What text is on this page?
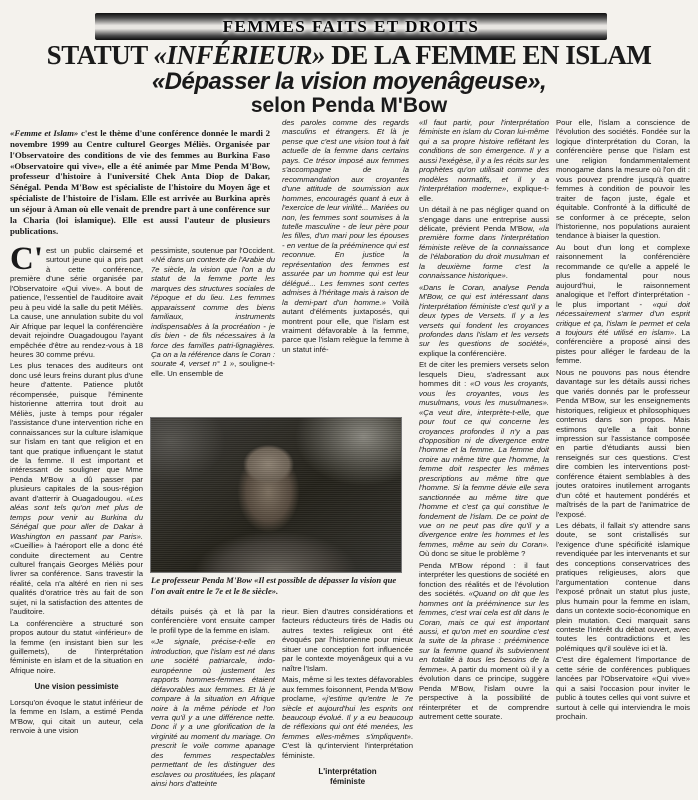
FEMMES FAITS ET DROITS
STATUT «INFÉRIEUR» DE LA FEMME EN ISLAM
«Dépasser la vision moyenâgeuse»,
selon Penda M'Bow

«Femme et Islam» c'est le thème d'une conférence donnée le mardi 2 novembre 1999 au Centre culturel Georges Méliès. Organisée par l'Observatoire des conditions de vie des femmes au Burkina Faso «Observatoire qui vive», elle a été animée par Mme Penda M'Bow, professeur d'histoire à l'université Chek Anta Diop de Dakar, Sénégal. Penda M'Bow est spécialiste de l'histoire du Moyen âge et spécialiste de l'histoire de l'islam. Elle est arrivée au Burkina après un séjour à Aman où elle venait de prendre part à une conférence sur la Charia (loi islamique). Elle est aussi l'auteur de plusieurs publications.

C' est un public clairsemé et surtout jeune qui a pris part à cette conférence, première d'une série organisée par l'Observatoire «Qui vive». A bout de patience, l'essentiel de l'auditoire avait peu à peu vidé la salle du petit Méliès. La cause, une annulation subite du vol Air Afrique par lequel la conférencière devait rejoindre Ouagadougou l'ayant empêchée d'être au rendez-vous à 18 heures 30 comme prévu.

Les plus tenaces des auditeurs ont donc usé leurs freins durant plus d'une heure d'attente. Patience plutôt récompensée, puisque l'éminente historienne atterrira tout droit au Méliès, juste à temps pour régaler l'assistance d'une intervention riche en connaissances sur la culture islamique sur l'islam en tant que religion et en tant que pratique influençant le statut de la femme. Il est important et intéressant de souligner que Mme Penda M'Bow a dû passer par plusieurs capitales de la sous-région avant d'atterrir à Ouagadougou. «Les aléas sont tels qu'on met plus de temps pour venir au Burkina du Sénégal que pour aller de Dakar à Washington en passant par Paris». «Cueillie» à l'aéroport elle a donc été conduite directement au Centre culturel français Georges Méliès pour livrer sa conférence. Sans travestir la réalité, cela n'a altéré en rien ni ses qualités d'oratrice très au fait de son sujet, ni la satisfaction des attentes de l'auditoire.

La conférencière a structuré son propos autour du statut «inférieur» de la femme (en insistant bien sur les guillemets), de l'interprétation féministe en islam et de la situation en Afrique noire.

Une vision pessimiste

Lorsqu'on évoque le statut inférieur de la femme en Islam, a estimé Penda M'Bow, qui citait un auteur, cela renvoie à une vision

pessimiste, soutenue par l'Occident. «Né dans un contexte de l'Arabie du 7e siècle, la vision que l'on a du statut de la femme porte les marques des structures sociales de l'époque et du lieu. Les femmes apparaissent comme des biens familiaux, instruments indispensables à la procréation - je dis bien - de fils nécessaires à la force des familles patri-lignagières. Ça on a la référence dans le Coran : sourate 4, verset n° 1 », souligne-t-elle. Un ensemble de

Le professeur Penda M'Bow «Il est possible de dépasser la vision que l'on avait entre le 7e et le 8e siècle».

détails puisés çà et là par la conférencière vont ensuite camper le profil type de la femme en islam.

«Je signale, précise-t-elle en introduction, que l'islam est né dans une société patriarcale, indo-européenne où justement les rapports hommes-femmes étaient défavorables aux femmes. Et là je compare à la situation en Afrique noire à la même période et l'on verra qu'il y a une différence nette. Donc il y a une glorification de la virginité au moment du mariage. On prescrit le voile comme apanage des femmes respectables permettant de les distinguer des esclaves ou prostituées, les plaçant ainsi hors d'atteinte

des paroles comme des regards masculins et étrangers. Et là je pense que c'est une vision tout à fait actuelle de la femme dans certains pays. Ce trésor imposé aux femmes s'accompagne de la recommandation aux croyantes d'une attitude de soumission aux hommes, encouragés quant à eux à l'exercice de leur virilité... Mariées ou non, les femmes sont soumises à la tutelle masculine - de leur père pour les filles, d'un mari pour les épouses - en vertue de la prééminence qui est reconnue. En justice la représentation des femmes est assurée par un homme qui est leur délégué... Les femmes sont certes admises à l'héritage mais à raison de la demi-part d'un homme.» Voilà autant d'éléments juxtaposés, qui montrent pour elle, que l'islam est vraiment défavorable à la femme, parce que l'islam relègue la femme à un statut infé-

rieur. Bien d'autres considérations et facteurs réducteurs tirés de Hadis ou autres textes religieux ont été évoqués par l'historienne pour mieux situer une conception fort influencée par le contexte moyenâgeux qui a vu naître l'Islam.

Mais, même si les textes défavorables aux femmes foisonnent, Penda M'Bow proclame, «j'estime qu'entre le 7e siècle et aujourd'hui les esprits ont beaucoup évolué. Il y a eu beaucoup de réflexions qui ont été menées, les femmes elles-mêmes s'impliquent». C'est là qu'intervient l'interprétation féministe.

L'interprétation féministe

«Il faut partir, pour l'interprétation féministe en islam du Coran lui-même qui a sa propre histoire reflétant les conditions de son émergence. Il y a aussi l'exégèse, il y a les récits sur les prophètes qu'on utilisait comme des modèles normatifs, et il y a l'interprétation moderne», explique-t-elle.

Un détail à ne pas négliger quand on s'engage dans une entreprise aussi délicate, prévient Penda M'Bow, «la première forme dans l'interprétation féministe relève de la connaissance de l'élaboration du droit musulman et la deuxième forme c'est la connaissance historique».

«Dans le Coran, analyse Penda M'Bow, ce qui est intéressant dans l'interprétation féministe c'est qu'il y a deux types de Versets. Il y a les versets qui fondent les croyances profondes dans l'islam et les versets sur les questions de société», explique la conférencière.

Et de citer les premiers versets selon lesquels Dieu, s'adressant aux hommes dit : «O vous les croyants, vous les croyantes, vous les musulmans, vous les musulmanes». «Ça veut dire, interprète-t-elle, que pour tout ce qui concerne les croyances profondes il n'y a pas d'opposition ni de divergence entre l'homme et la femme. La femme doit croire au même titre que l'homme, la femme doit respecter les mêmes prescriptions au même titre que l'homme. Si la femme dévie elle sera sanctionnée au même titre que l'homme et c'est ça qui constitue le fondement de l'islam. De ce point de vue on ne peut pas dire qu'il y a divergence entre les hommes et les femmes, même au sein du Coran». Où donc se situe le problème ?

Penda M'Bow répond : il faut interpréter les questions de société en fonction des réalités et de l'évolution des sociétés. «Quand on dit que les hommes ont la prééminence sur les femmes, c'est vrai cela est dit dans le Coran, mais ce qui est important aussi, et qu'on met en sourdine c'est la suite de la phrase : prééminence sur la femme quand ils subviennent en totalité à tous les besoins de la femme». A partir du moment où il y a évolution dans ce principe, suggère Penda M'Bow, l'islam ouvre la perspective à la possibilité de réinterpréter et de comprendre autrement cette sourate.

Pour elle, l'islam a conscience de l'évolution des sociétés. Fondée sur la logique d'interprétation du Coran, la conférencière pense que l'islam est une religion fondammentalement monogame dans la mesure où l'on dit : vous pouvez prendre jusqu'à quatre femmes à condition de pouvoir les traiter de façon juste, égale et équitable. Confronté à la difficulté de se conformer à ce précepte, selon l'historienne, nos populations auraient tendance à biaiser la question.

Au bout d'un long et complexe raisonnement la conférencière recommande ce qu'elle a appelé le plus fondamental pour nous aujourd'hui, le raisonnement analogique et l'effort d'interprétation - le plus important - «qui doit nécessairement s'armer d'un esprit critique et ça, l'islam le permet et cela a toujours été utilisé en islam». La conférencière a proposé ainsi des pistes pour alléger le fardeau de la femme.

Nous ne pouvons pas nous étendre davantage sur les détails aussi riches que variés donnés par le professeur Penda M'Bow, sur les enseignements historiques, religieux et philosophiques contenus dans son propos. Mais estimons qu'elle a fait bonne impression sur l'assistance composée en partie d'étudiants aussi bien renseignés sur ces questions. C'est dire combien les interventions post-conférence étaient semblables à des joutes oratoires inutilement arrogants d'un côté et hautement pondérés et maîtrisés de la part de l'animatrice de l'exposé.

Les débats, il fallait s'y attendre sans doute, se sont cristallisés sur l'exigence d'une spécificité islamique revendiquée par les intervenants et sur des conceptions conservatrices des pratiques religieuses, alors que l'argumentation contenue dans l'exposé prônait un statut plus juste, plus humain pour la femme en islam, dans un contexte socio-économique en plein mutation. Ceci marquait sans conteste l'intérêt du débat ouvert, avec toutes les contradictions et les polémiques qu'il soulève ici et là.

C'est dire également l'importance de cette série de conférences publiques lancées par l'Observatoire «Qui vive» qui a saisi l'occasion pour inviter le public à toutes celles qui vont suivre et surtout à celle qui interviendra le mois prochain.
